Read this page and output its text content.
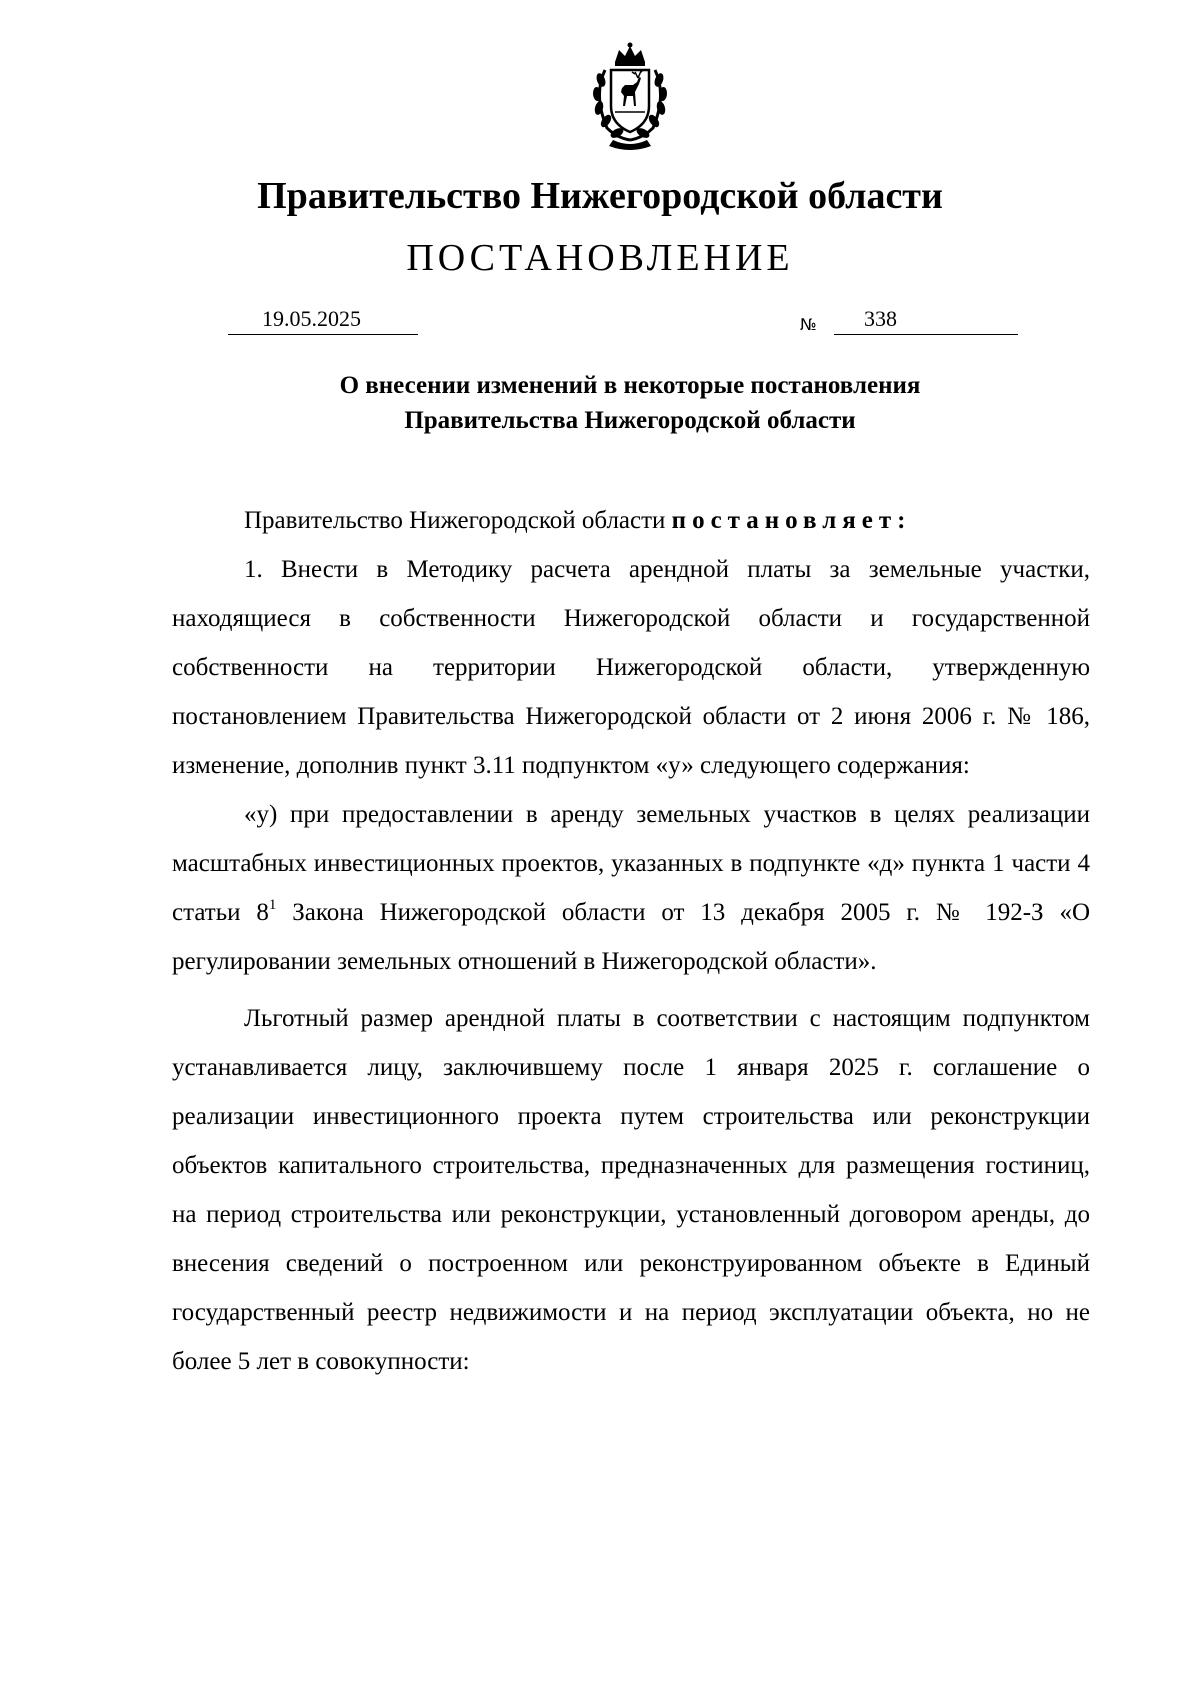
Правительство Нижегородской области
ПОСТАНОВЛЕНИЕ
19.05.2025	№ 338
О внесении изменений в некоторые постановления
Правительства Нижегородской области

Правительство Нижегородской области постановляет:

1. Внести в Методику расчета арендной платы за земельные участки, находящиеся в собственности Нижегородской области и государственной собственности на территории Нижегородской области, утвержденную постановлением Правительства Нижегородской области от 2 июня 2006 г. № 186, изменение, дополнив пункт 3.11 подпунктом «у» следующего содержания:

«у) при предоставлении в аренду земельных участков в целях реализации масштабных инвестиционных проектов, указанных в подпункте «д» пункта 1 части 4 статьи $8^1$ Закона Нижегородской области от 13 декабря 2005 г. № 192-З «О регулировании земельных отношений в Нижегородской области».

Льготный размер арендной платы в соответствии с настоящим подпунктом устанавливается лицу, заключившему после 1 января 2025 г. соглашение о реализации инвестиционного проекта путем строительства или реконструкции объектов капитального строительства, предназначенных для размещения гостиниц, на период строительства или реконструкции, установленный договором аренды, до внесения сведений о построенном или реконструированном объекте в Единый государственный реестр недвижимости и на период эксплуатации объекта, но не более 5 лет в совокупности:
